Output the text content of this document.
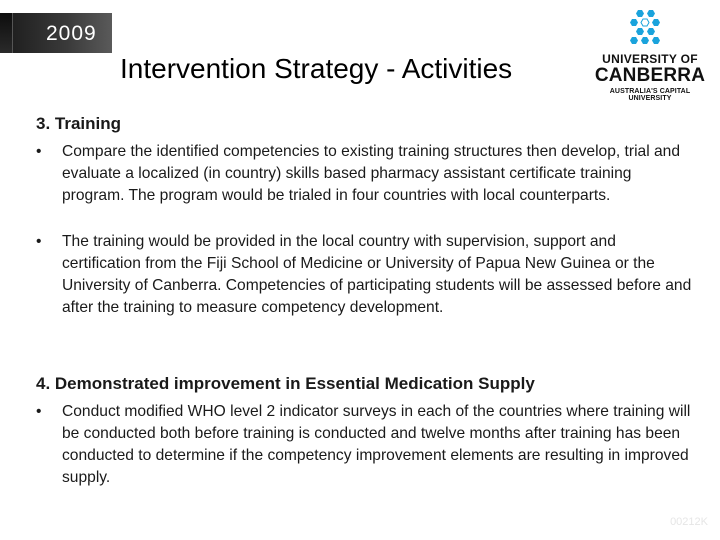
2009
Intervention Strategy - Activities	UNIVERSITY OF
CANBERRA
AUSTRALIA'S CAPITAL UNIVERSITY
3. Training
• Compare the identified competencies to existing training structures then develop, trial and evaluate a localized (in country) skills based pharmacy assistant certificate training program. The program would be trialed in four countries with local counterparts.
• The training would be provided in the local country with supervision, support and certification from the Fiji School of Medicine or University of Papua New Guinea or the University of Canberra. Competencies of participating students will be assessed before and after the training to measure competency development.
4. Demonstrated improvement in Essential Medication Supply
• Conduct modified WHO level 2 indicator surveys in each of the countries where training will be conducted both before training is conducted and twelve months after training has been conducted to determine if the competency improvement elements are resulting in improved supply.
00212K
